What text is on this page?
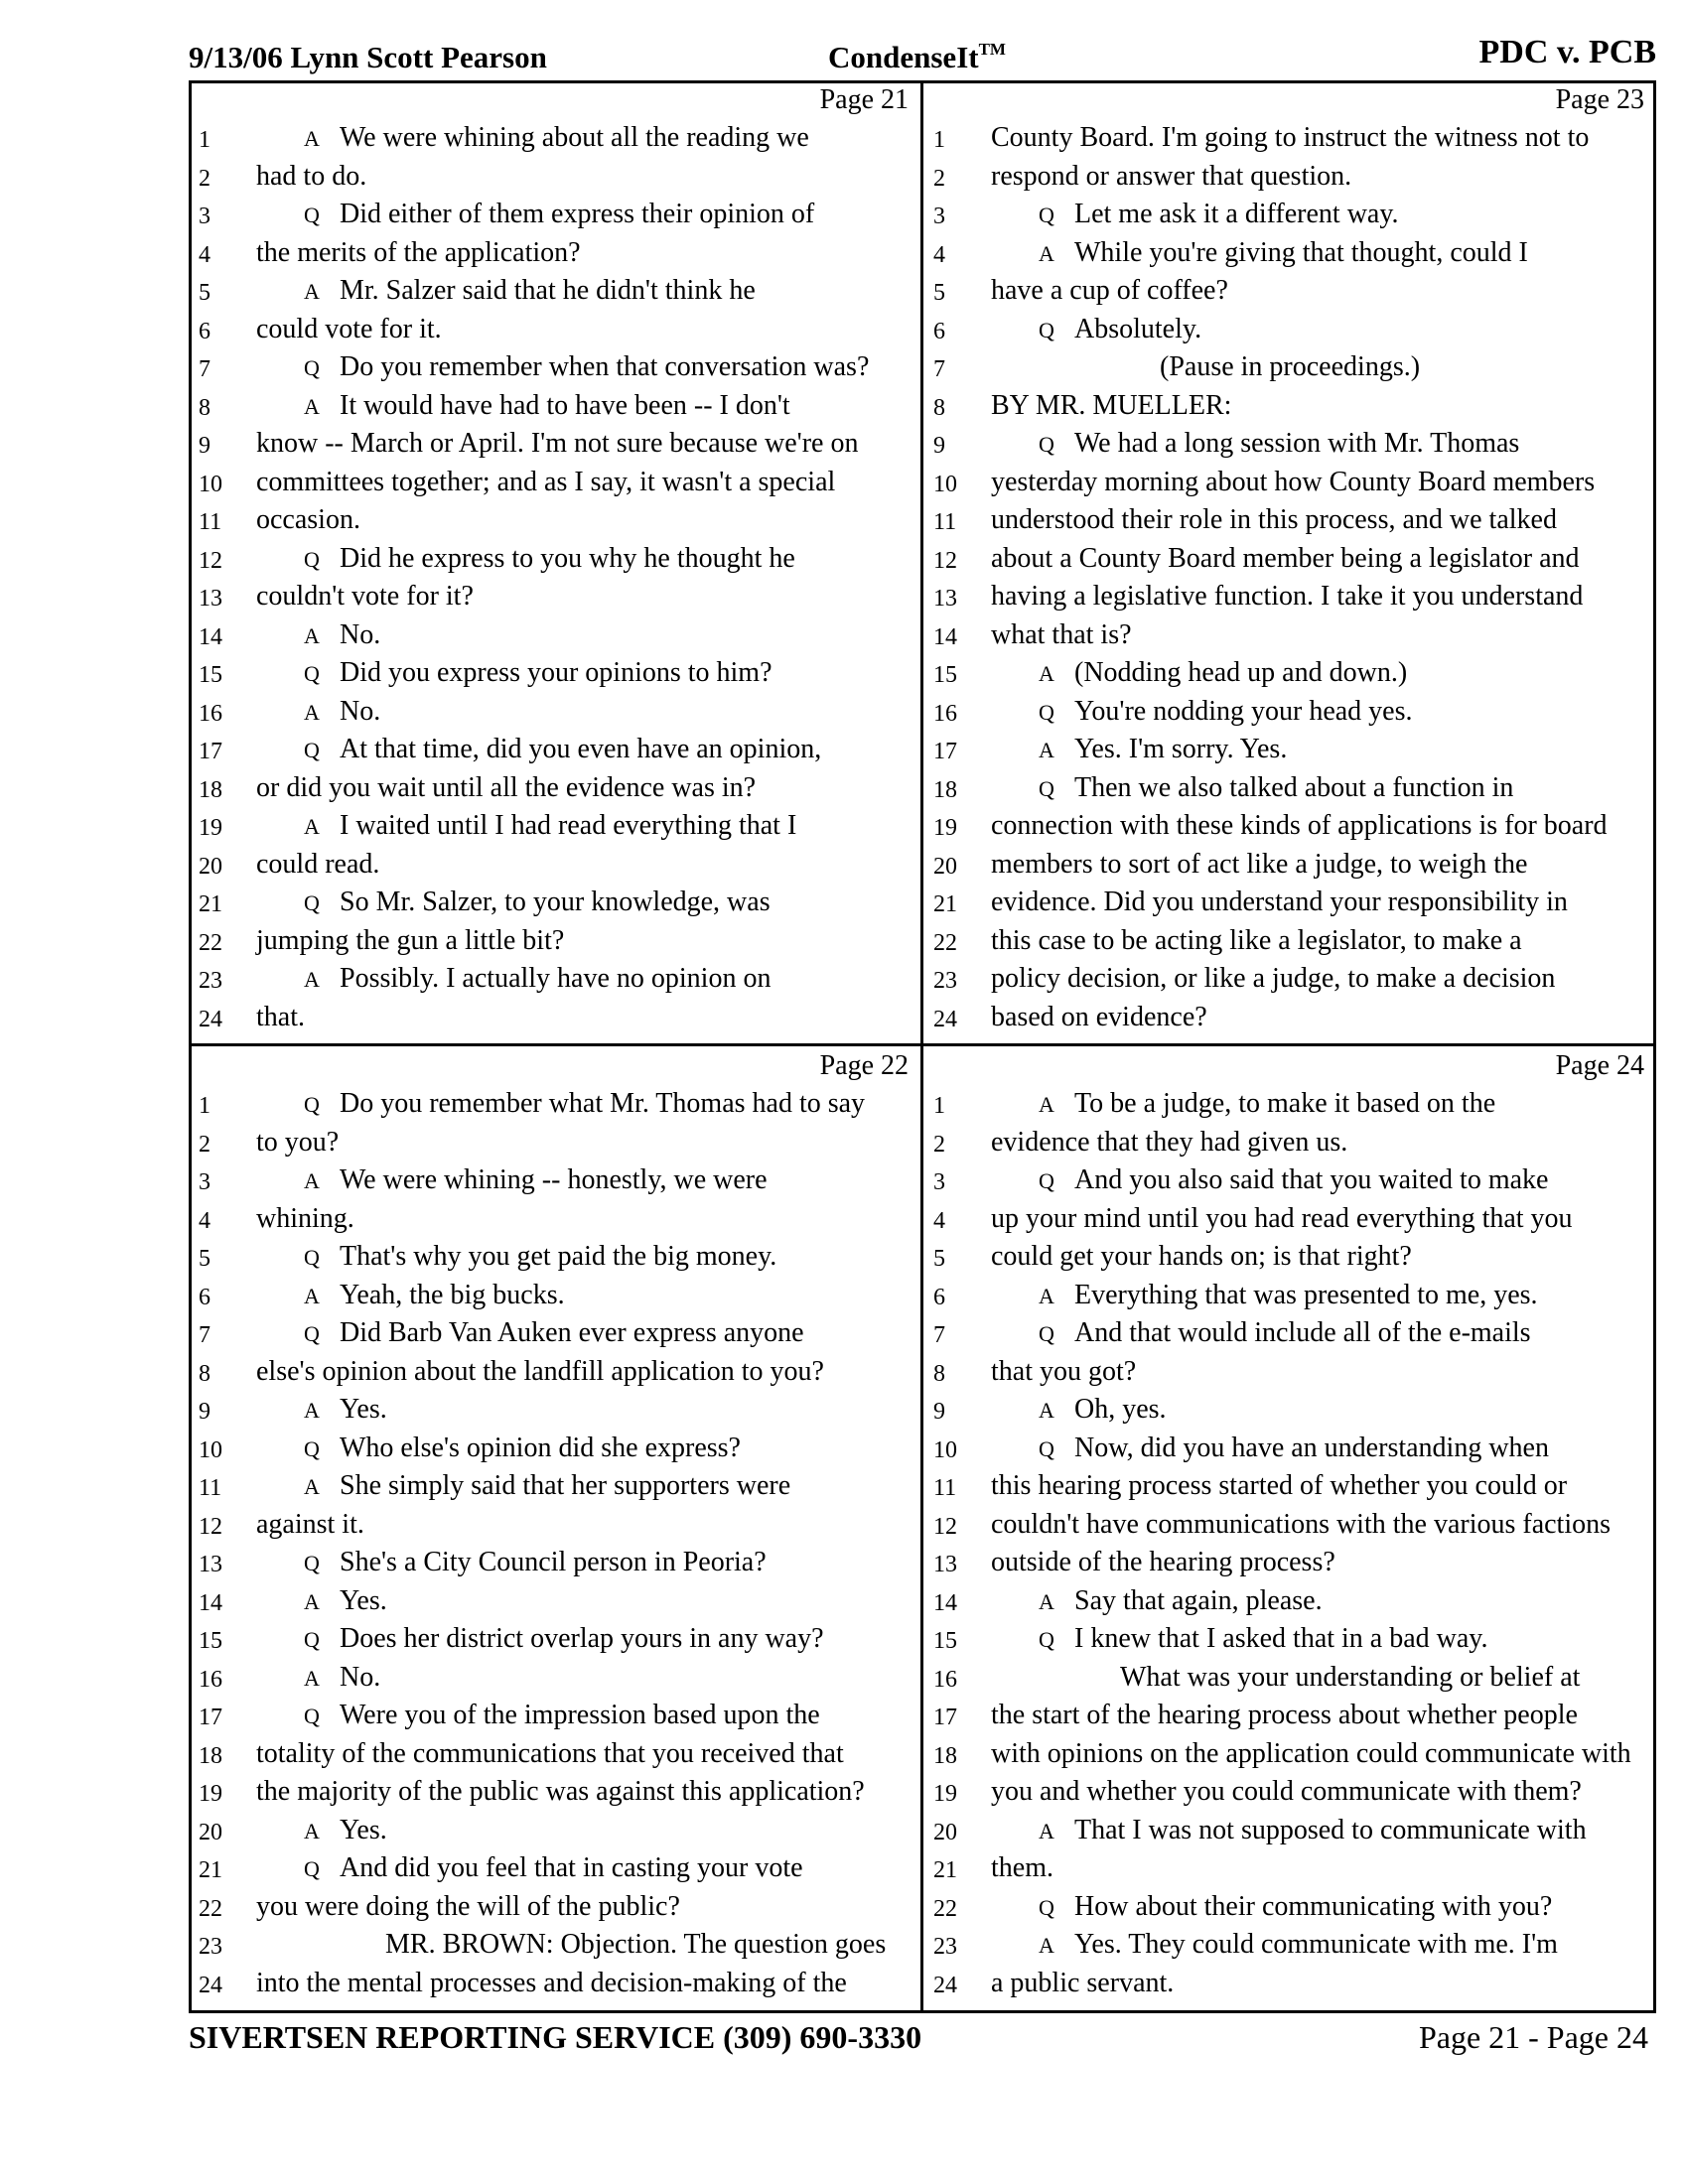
9/13/06 Lynn Scott Pearson	CondenseIt™	PDC v. PCB
Page 21
1	A We were whining about all the reading we
2	had to do.
3	Q Did either of them express their opinion of
4	the merits of the application?
5	A Mr. Salzer said that he didn't think he
6	could vote for it.
7	Q Do you remember when that conversation was?
8	A It would have had to have been -- I don't
9	know -- March or April. I'm not sure because we're on
10 committees together; and as I say, it wasn't a special
11 occasion.
12	Q Did he express to you why he thought he
13 couldn't vote for it?
14	A No.
15	Q Did you express your opinions to him?
16	A No.
17	Q At that time, did you even have an opinion,
18 or did you wait until all the evidence was in?
19	A I waited until I had read everything that I
20 could read.
21	Q So Mr. Salzer, to your knowledge, was
22 jumping the gun a little bit?
23	A Possibly. I actually have no opinion on
24 that.
Page 23
1	County Board. I'm going to instruct the witness not to
2	respond or answer that question.
3	Q Let me ask it a different way.
4	A While you're giving that thought, could I
5	have a cup of coffee?
6	Q Absolutely.
7	(Pause in proceedings.)
8	BY MR. MUELLER:
9	Q We had a long session with Mr. Thomas
10 yesterday morning about how County Board members
11 understood their role in this process, and we talked
12 about a County Board member being a legislator and
13 having a legislative function. I take it you understand
14 what that is?
15	A (Nodding head up and down.)
16	Q You're nodding your head yes.
17	A Yes. I'm sorry. Yes.
18	Q Then we also talked about a function in
19 connection with these kinds of applications is for board
20 members to sort of act like a judge, to weigh the
21 evidence. Did you understand your responsibility in
22 this case to be acting like a legislator, to make a
23 policy decision, or like a judge, to make a decision
24 based on evidence?
Page 22
1	Q Do you remember what Mr. Thomas had to say
2	to you?
3	A We were whining -- honestly, we were
4	whining.
5	Q That's why you get paid the big money.
6	A Yeah, the big bucks.
7	Q Did Barb Van Auken ever express anyone
8	else's opinion about the landfill application to you?
9	A Yes.
10	Q Who else's opinion did she express?
11	A She simply said that her supporters were
12 against it.
13	Q She's a City Council person in Peoria?
14	A Yes.
15	Q Does her district overlap yours in any way?
16	A No.
17	Q Were you of the impression based upon the
18 totality of the communications that you received that
19 the majority of the public was against this application?
20	A Yes.
21	Q And did you feel that in casting your vote
22 you were doing the will of the public?
23	MR. BROWN: Objection. The question goes
24 into the mental processes and decision-making of the
Page 24
1	A To be a judge, to make it based on the
2	evidence that they had given us.
3	Q And you also said that you waited to make
4	up your mind until you had read everything that you
5	could get your hands on; is that right?
6	A Everything that was presented to me, yes.
7	Q And that would include all of the e-mails
8	that you got?
9	A Oh, yes.
10	Q Now, did you have an understanding when
11 this hearing process started of whether you could or
12 couldn't have communications with the various factions
13 outside of the hearing process?
14	A Say that again, please.
15	Q I knew that I asked that in a bad way.
16	What was your understanding or belief at
17 the start of the hearing process about whether people
18 with opinions on the application could communicate with
19 you and whether you could communicate with them?
20	A That I was not supposed to communicate with
21 them.
22	Q How about their communicating with you?
23	A Yes. They could communicate with me. I'm
24 a public servant.
SIVERTSEN REPORTING SERVICE (309) 690-3330	Page 21 - Page 24
